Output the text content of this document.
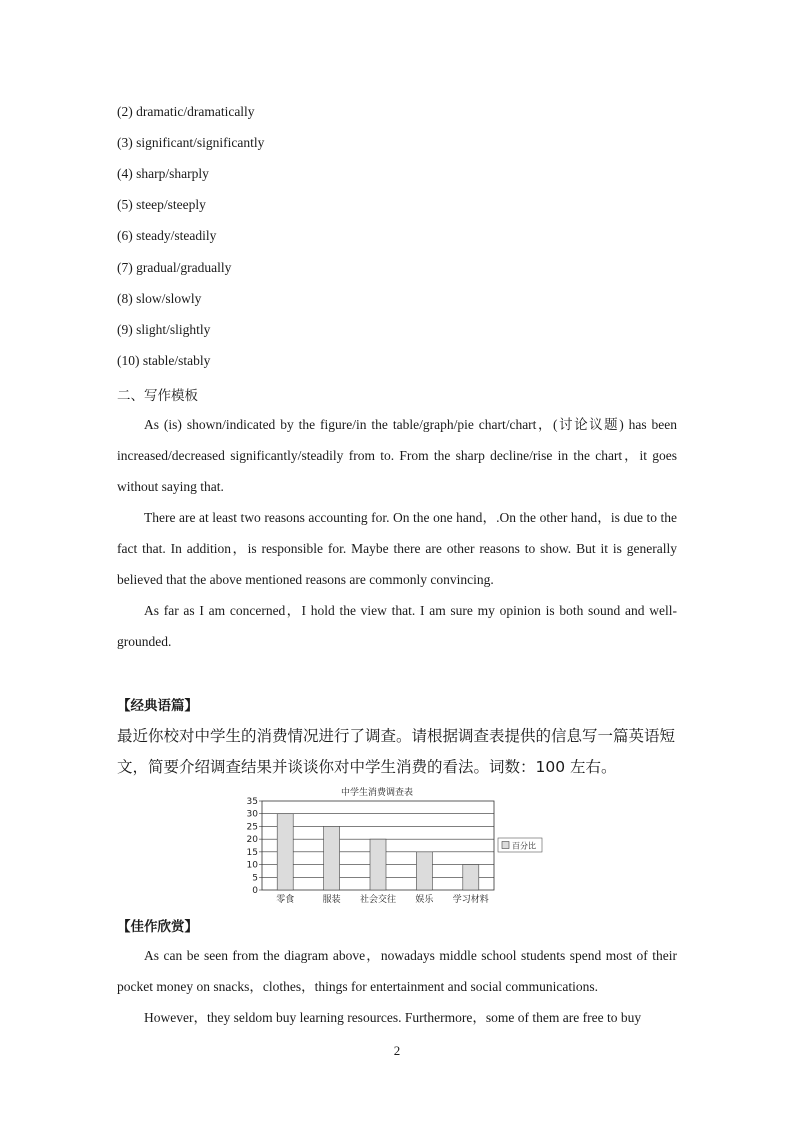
(2) dramatic/dramatically
(3) significant/significantly
(4) sharp/sharply
(5) steep/steeply
(6) steady/steadily
(7) gradual/gradually
(8) slow/slowly
(9) slight/slightly
(10) stable/stably
二、写作模板
As (is) shown/indicated by the figure/in the table/graph/pie chart/chart，(讨论议题) has been increased/decreased significantly/steadily from to. From the sharp decline/rise in the chart，it goes without saying that.
There are at least two reasons accounting for. On the one hand，.On the other hand，is due to the fact that. In addition，is responsible for. Maybe there are other reasons to show. But it is generally believed that the above mentioned reasons are commonly convincing.
As far as I am concerned，I hold the view that. I am sure my opinion is both sound and well-grounded.
【经典语篇】
最近你校对中学生的消费情况进行了调查。请根据调查表提供的信息写一篇英语短文，简要介绍调查结果并谈谈你对中学生消费的看法。词数：100 左右。
中学生消费调查表
0
5
10
15
20
25
30
35
零食	服装 社会交往 娱乐 学习材料
百分比
【佳作欣赏】
As can be seen from the diagram above，nowadays middle school students spend most of their pocket money on snacks，clothes，things for entertainment and social communications.
However，they seldom buy learning resources. Furthermore，some of them are free to buy
2
